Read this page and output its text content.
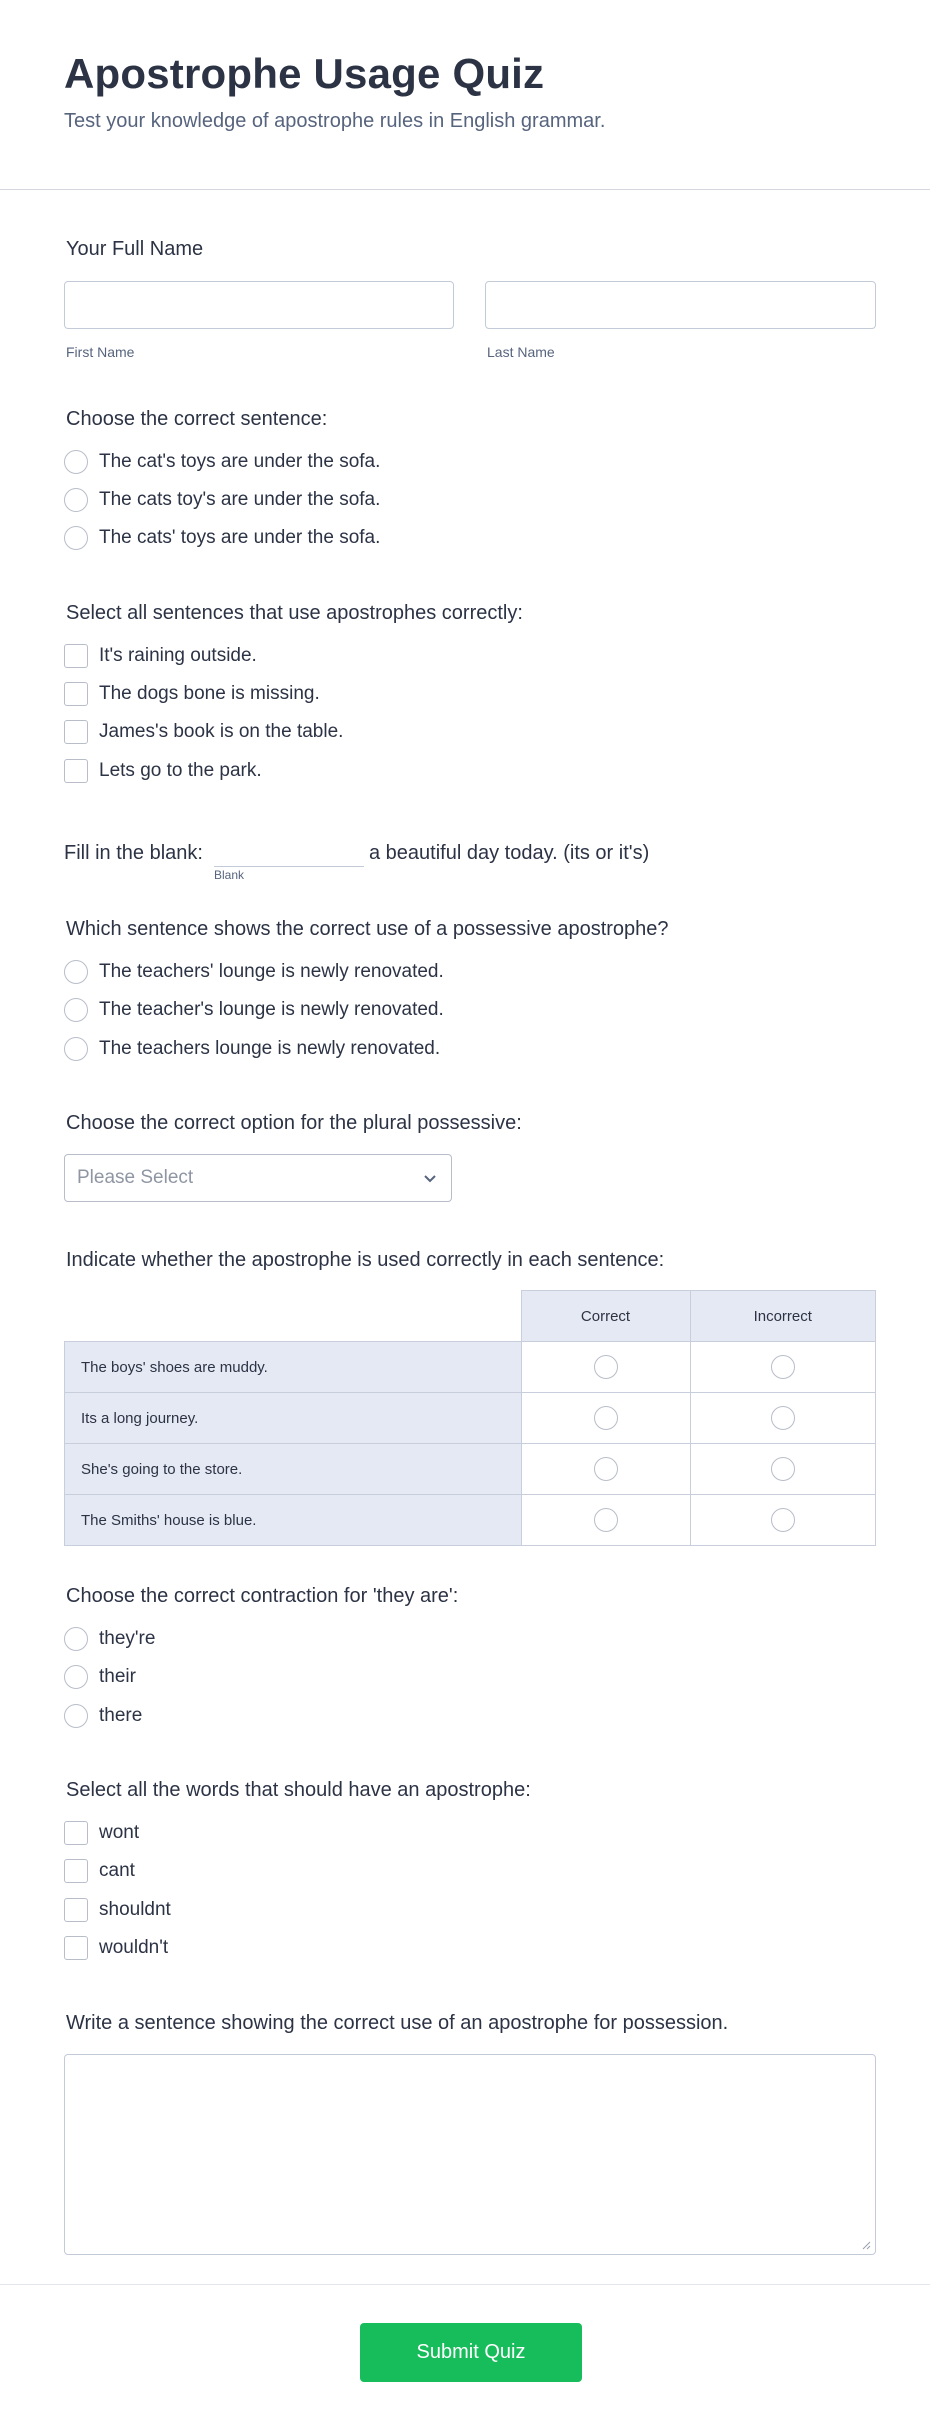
Apostrophe Usage Quiz
Test your knowledge of apostrophe rules in English grammar.
Your Full Name
First Name	Last Name
Choose the correct sentence:
The cat's toys are under the sofa.
The cats toy's are under the sofa.
The cats' toys are under the sofa.
Select all sentences that use apostrophes correctly:
It's raining outside.
The dogs bone is missing.
James's book is on the table.
Lets go to the park.
Fill in the blank:	a beautiful day today. (its or it's)
Blank
Which sentence shows the correct use of a possessive apostrophe?
The teachers' lounge is newly renovated.
The teacher's lounge is newly renovated.
The teachers lounge is newly renovated.
Choose the correct option for the plural possessive:
Please Select
Indicate whether the apostrophe is used correctly in each sentence:
	Correct	Incorrect
The boys' shoes are muddy.		
Its a long journey.		
She's going to the store.		
The Smiths' house is blue.		
Choose the correct contraction for 'they are':
they're
their
there
Select all the words that should have an apostrophe:
wont
cant
shouldnt
wouldn't
Write a sentence showing the correct use of an apostrophe for possession.
Submit Quiz
